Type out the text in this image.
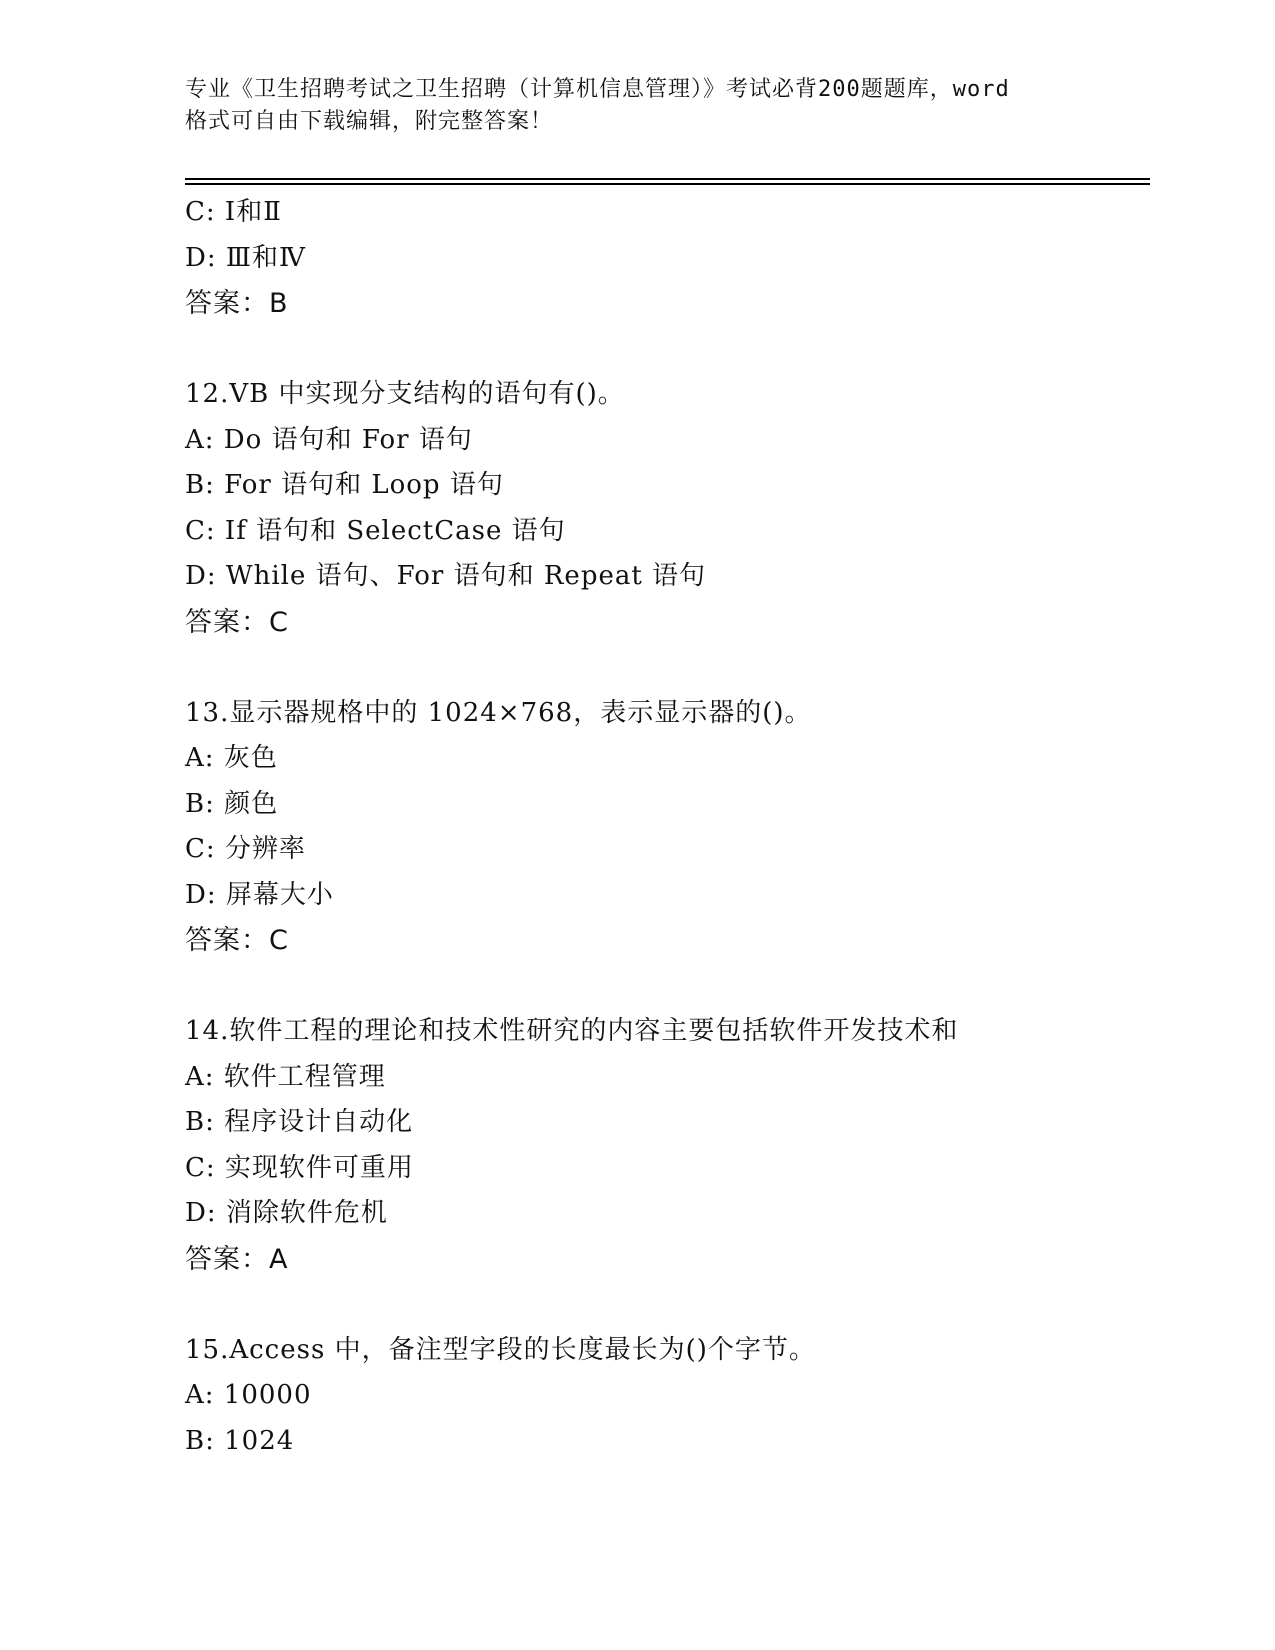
专业《卫生招聘考试之卫生招聘（计算机信息管理）》考试必背200题题库，word
格式可自由下载编辑，附完整答案！
C: Ⅰ和Ⅱ
D: Ⅲ和Ⅳ
答案：B
12.VB 中实现分支结构的语句有()。
A: Do 语句和 For 语句
B: For 语句和 Loop 语句
C: If 语句和 SelectCase 语句
D: While 语句、For 语句和 Repeat 语句
答案：C
13.显示器规格中的 1024×768，表示显示器的()。
A: 灰色
B: 颜色
C: 分辨率
D: 屏幕大小
答案：C
14.软件工程的理论和技术性研究的内容主要包括软件开发技术和
A: 软件工程管理
B: 程序设计自动化
C: 实现软件可重用
D: 消除软件危机
答案：A
15.Access 中，备注型字段的长度最长为()个字节。
A: 10000
B: 1024
